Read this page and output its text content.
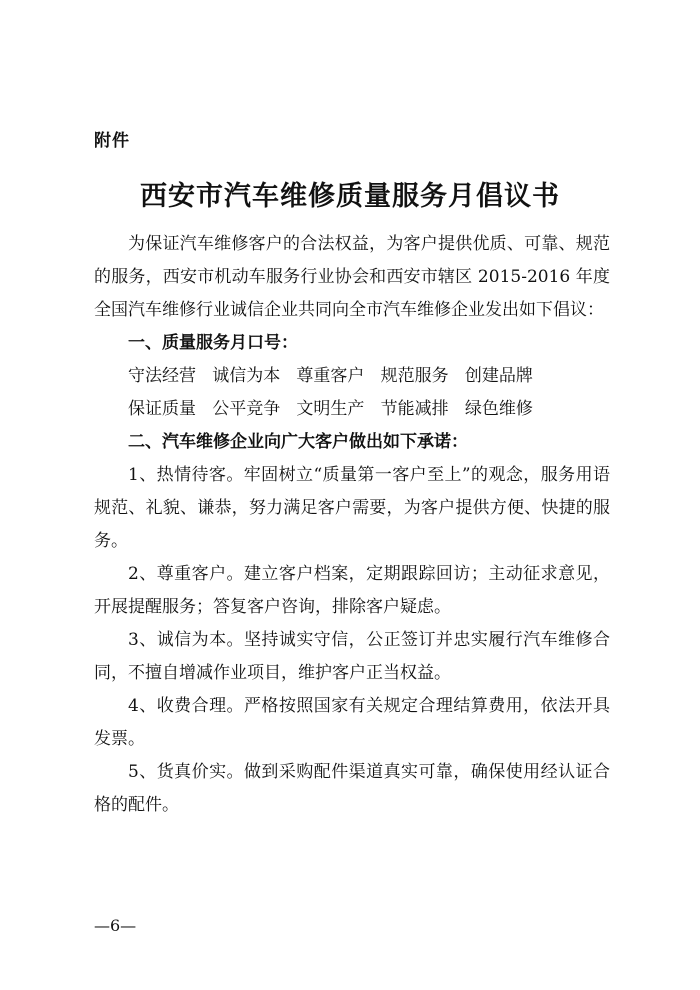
附件
西安市汽车维修质量服务月倡议书

为保证汽车维修客户的合法权益，为客户提供优质、可靠、规范的服务，西安市机动车服务行业协会和西安市辖区 2015-2016 年度全国汽车维修行业诚信企业共同向全市汽车维修企业发出如下倡议：

一、质量服务月口号：

守法经营   诚信为本   尊重客户   规范服务   创建品牌

保证质量   公平竞争   文明生产   节能减排   绿色维修

二、汽车维修企业向广大客户做出如下承诺：

1、热情待客。牢固树立“质量第一客户至上”的观念，服务用语规范、礼貌、谦恭，努力满足客户需要，为客户提供方便、快捷的服务。

2、尊重客户。建立客户档案，定期跟踪回访；主动征求意见，开展提醒服务；答复客户咨询，排除客户疑虑。

3、诚信为本。坚持诚实守信，公正签订并忠实履行汽车维修合同，不擅自增减作业项目，维护客户正当权益。

4、收费合理。严格按照国家有关规定合理结算费用，依法开具发票。

5、货真价实。做到采购配件渠道真实可靠，确保使用经认证合格的配件。

—6—
